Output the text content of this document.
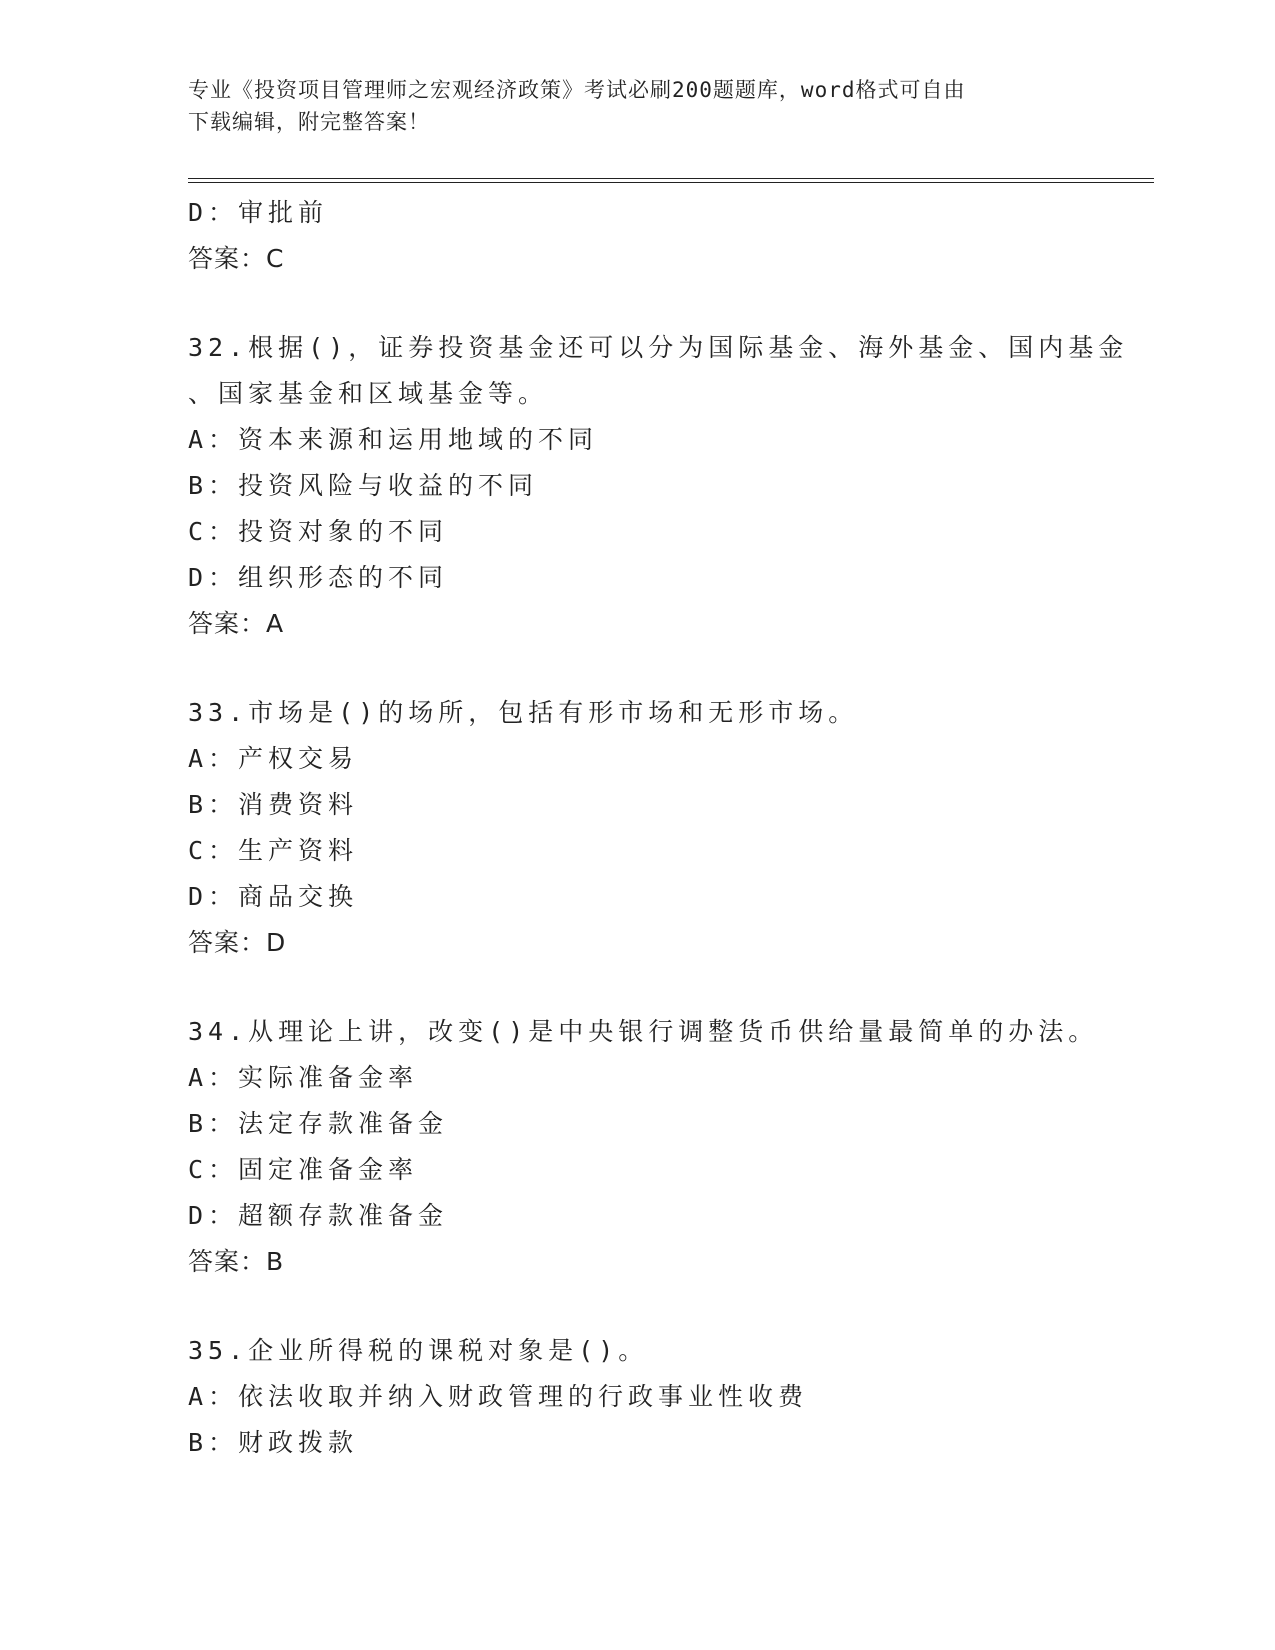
专业《投资项目管理师之宏观经济政策》考试必刷200题题库，word格式可自由
下载编辑，附完整答案！
D：审批前
答案：C
32.根据()，证券投资基金还可以分为国际基金、海外基金、国内基金
、国家基金和区域基金等。
A：资本来源和运用地域的不同
B：投资风险与收益的不同
C：投资对象的不同
D：组织形态的不同
答案：A
33.市场是()的场所，包括有形市场和无形市场。
A：产权交易
B：消费资料
C：生产资料
D：商品交换
答案：D
34.从理论上讲，改变()是中央银行调整货币供给量最简单的办法。
A：实际准备金率
B：法定存款准备金
C：固定准备金率
D：超额存款准备金
答案：B
35.企业所得税的课税对象是()。
A：依法收取并纳入财政管理的行政事业性收费
B：财政拨款
